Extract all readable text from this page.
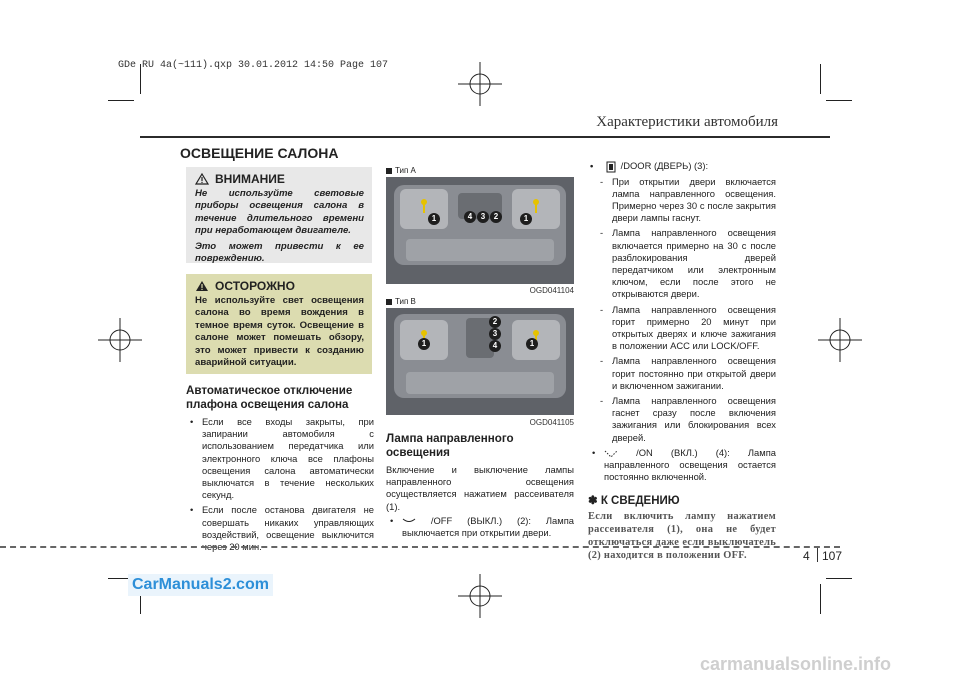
GDe RU 4a(~111).qxp 30.01.2012 14:50 Page 107
Характеристики автомобиля
ОСВЕЩЕНИЕ САЛОНА
ВНИМАНИЕ

Не используйте световые приборы освещения салона в течение длительного времени при неработающем двигателе.

Это может привести к ее повреждению.

ОСТОРОЖНО
Не используйте свет освещения салона во время вождения в темное время суток. Освещение в салоне может помешать обзору, это может привести к созданию аварийной ситуации.
Автоматическое отключение
плафона освещения салона
• Если все входы закрыты, при запирании автомобиля с использованием передатчика или электронного ключа все плафоны освещения салона автоматически выключатся в течение нескольких секунд.
• Если после останова двигателя не совершать никаких управляющих воздействий, освещение выключится через 20 мин.
Тип А
1	4	3	2	1
OGD041104
Тип В
1
2
3
4	1
OGD041105
Лампа направленного освещения

Включение и выключение лампы направленного освещения осуществляется нажатием рассеивателя (1).

•	/OFF (ВЫКЛ.) (2): Лампа выключается при открытии двери.
•	/DOOR (ДВЕРЬ) (3):
- При открытии двери включается лампа направленного освещения. Примерно через 30 с после закрытия двери лампы гаснут.
- Лампа направленного освещения включается примерно на 30 с после разблокирования дверей передатчиком или электронным ключом, если после этого не открываются двери.
- Лампа направленного освещения горит примерно 20 минут при открытых дверях и ключе зажигания в положении ACC или LOCK/OFF.
- Лампа направленного освещения горит постоянно при открытой двери и включенном зажигании.
- Лампа направленного освещения гаснет сразу после включения зажигания или блокирования всех дверей.
•	/ON (ВКЛ.) (4): Лампа направленного освещения остается постоянно включенной.
✽ К СВЕДЕНИЮ
Если включить лампу нажатием рассеивателя (1), она не будет отключаться даже если выключатель (2) находится в положении OFF.	4 107
CarManuals2.com
carmanualsonline.info
